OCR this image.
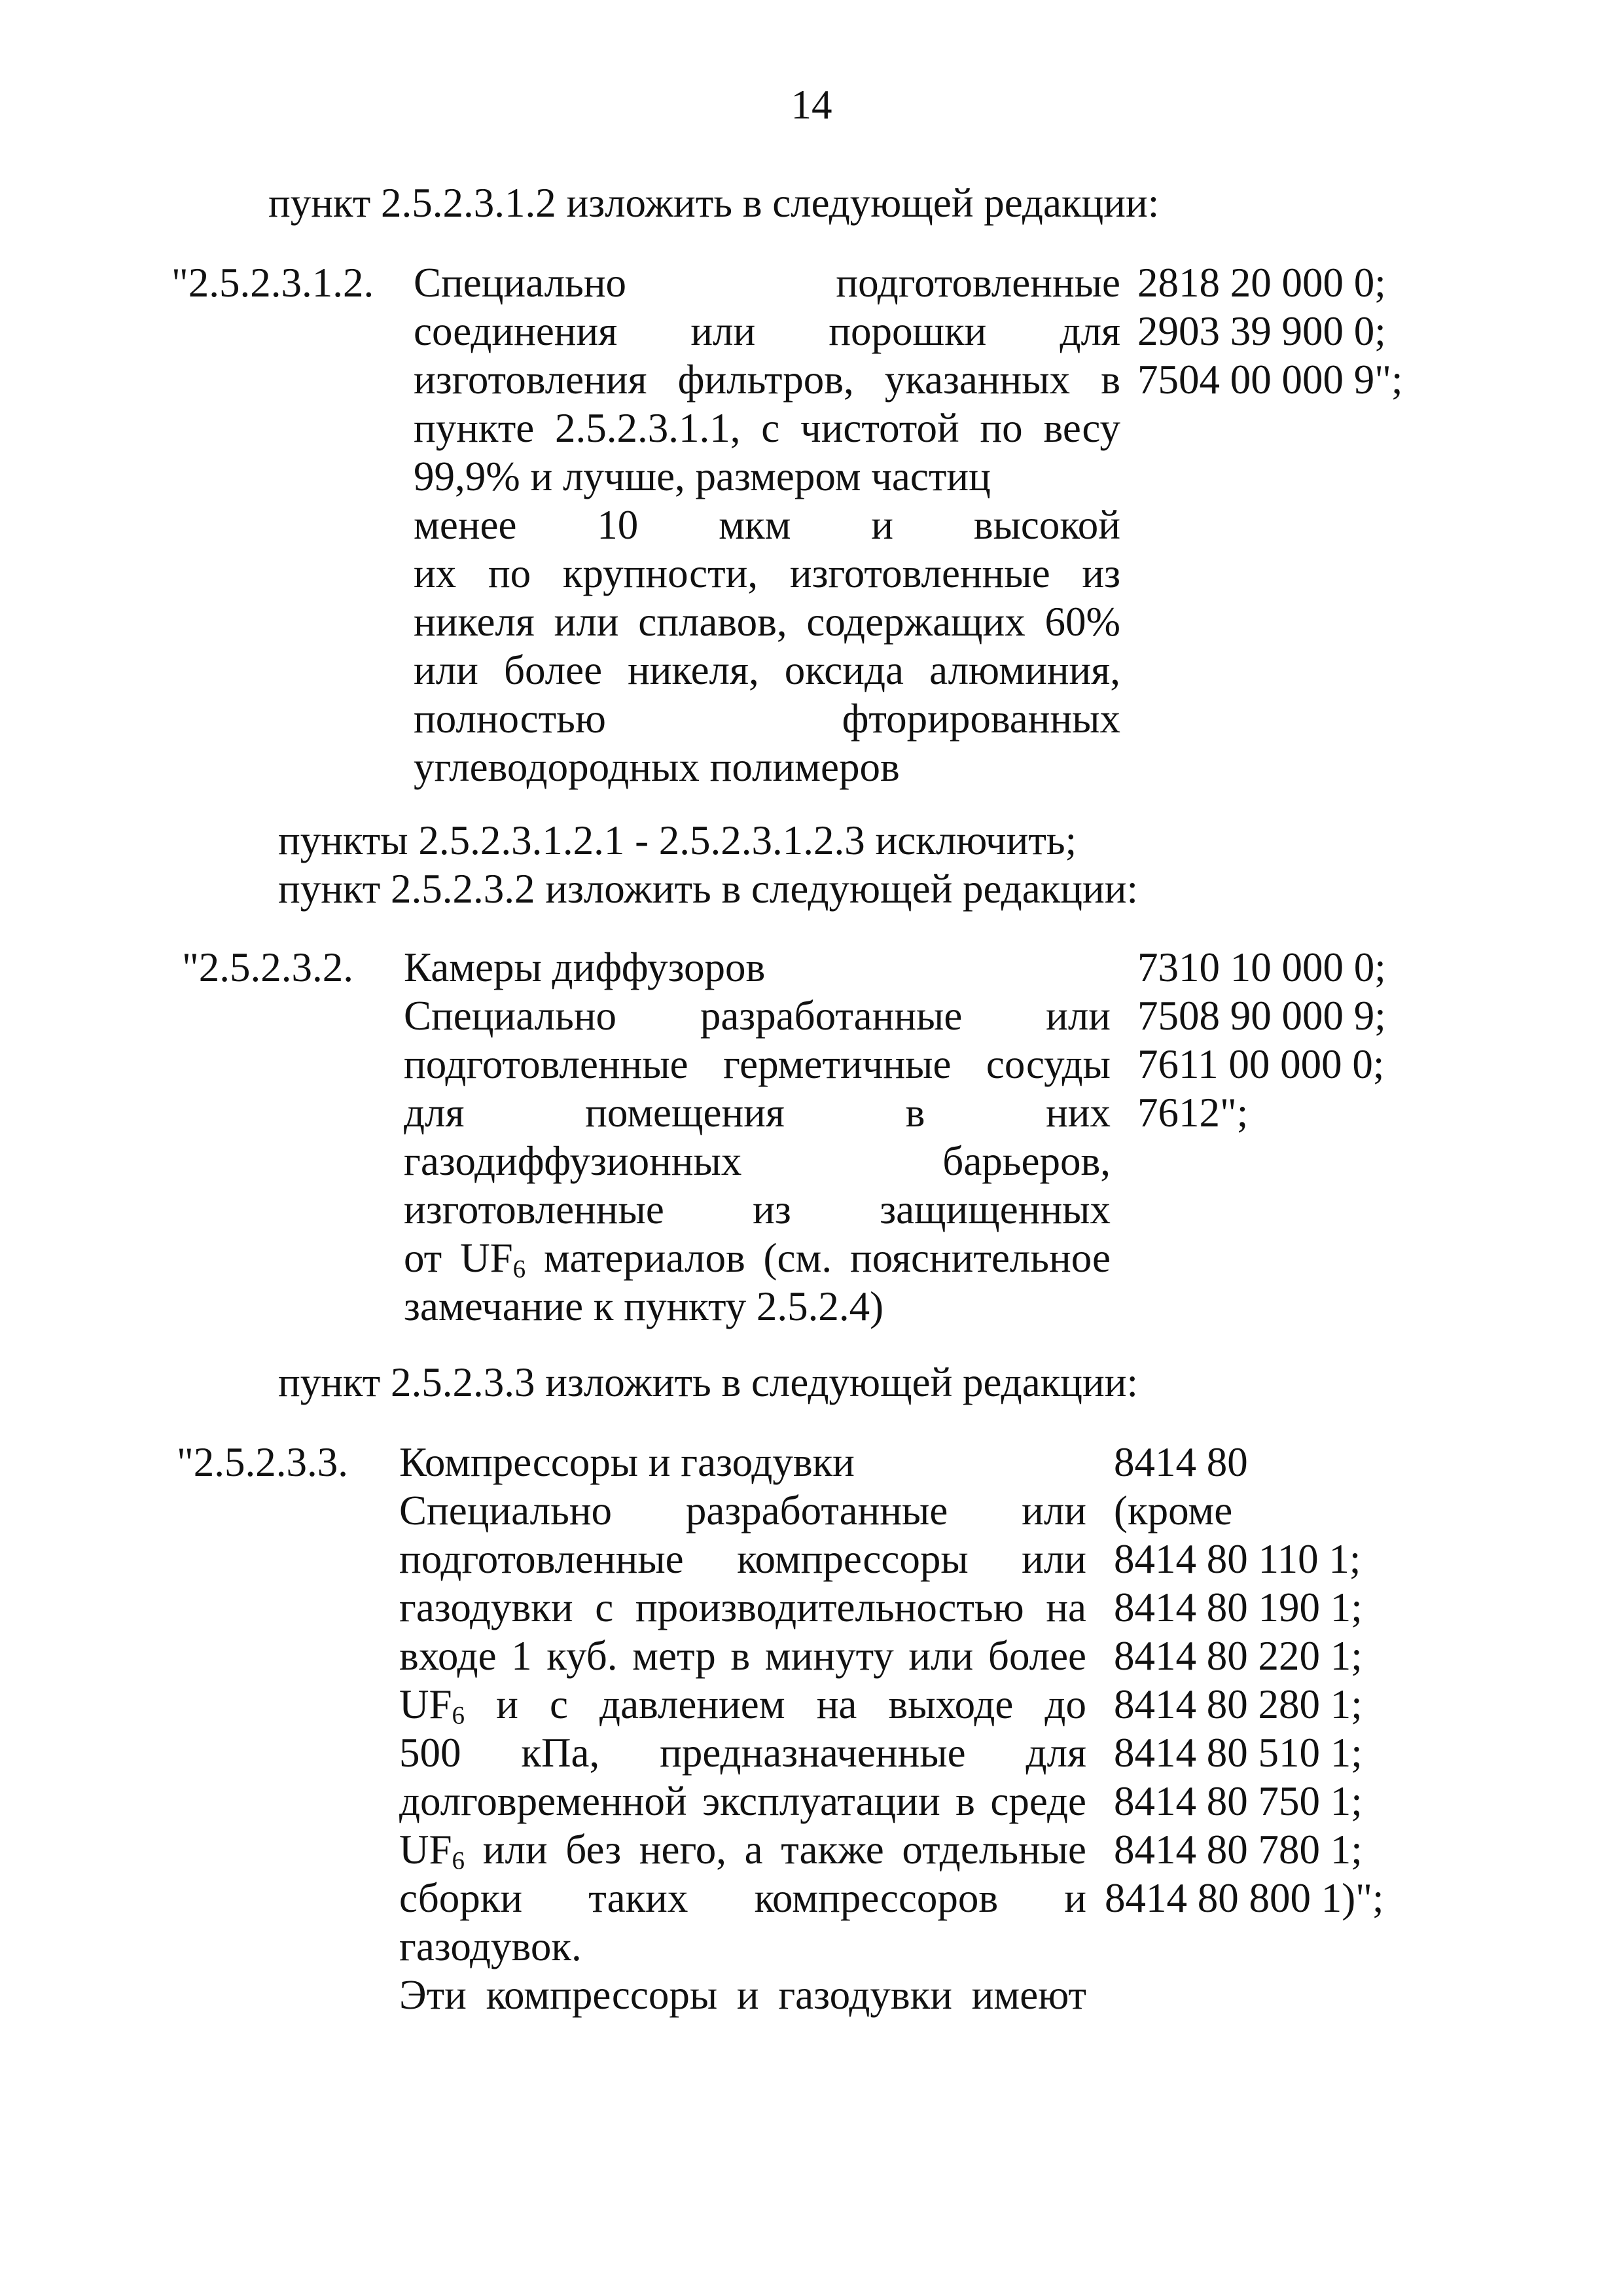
14
пункт 2.5.2.3.1.2 изложить в следующей редакции:
"2.5.2.3.1.2. Специально подготовленные
соединения или порошки для
изготовления фильтров, указанных в
пункте 2.5.2.3.1.1, с чистотой по весу
99,9% и лучше, размером частиц
менее 10 мкм и высокой
их по крупности, изготовленные из
никеля или сплавов, содержащих 60%
или более никеля, оксида алюминия,
полностью фторированных
углеводородных полимеров
2818 20 000 0;
2903 39 900 0;
7504 00 000 9";
пункты 2.5.2.3.1.2.1 - 2.5.2.3.1.2.3 исключить;
пункт 2.5.2.3.2 изложить в следующей редакции:
"2.5.2.3.2. Камеры диффузоров
Специально разработанные или
подготовленные герметичные сосуды
для помещения в них
газодиффузионных барьеров,
изготовленные из защищенных
от $UF_6$ материалов (см. пояснительное
замечание к пункту 2.5.2.4)
7310 10 000 0;
7508 90 000 9;
7611 00 000 0;
7612";
пункт 2.5.2.3.3 изложить в следующей редакции:
"2.5.2.3.3. Компрессоры и газодувки
Специально разработанные или
подготовленные компрессоры или
газодувки с производительностью на
входе 1 куб. метр в минуту или более
$UF_6$ и с давлением на выходе до
500 кПа, предназначенные для
долговременной эксплуатации в среде
$UF_6$ или без него, а также отдельные
сборки таких компрессоров и
газодувок.
Эти компрессоры и газодувки имеют
8414 80
(кроме
8414 80 110 1;
8414 80 190 1;
8414 80 220 1;
8414 80 280 1;
8414 80 510 1;
8414 80 750 1;
8414 80 780 1;
8414 80 800 1)";
